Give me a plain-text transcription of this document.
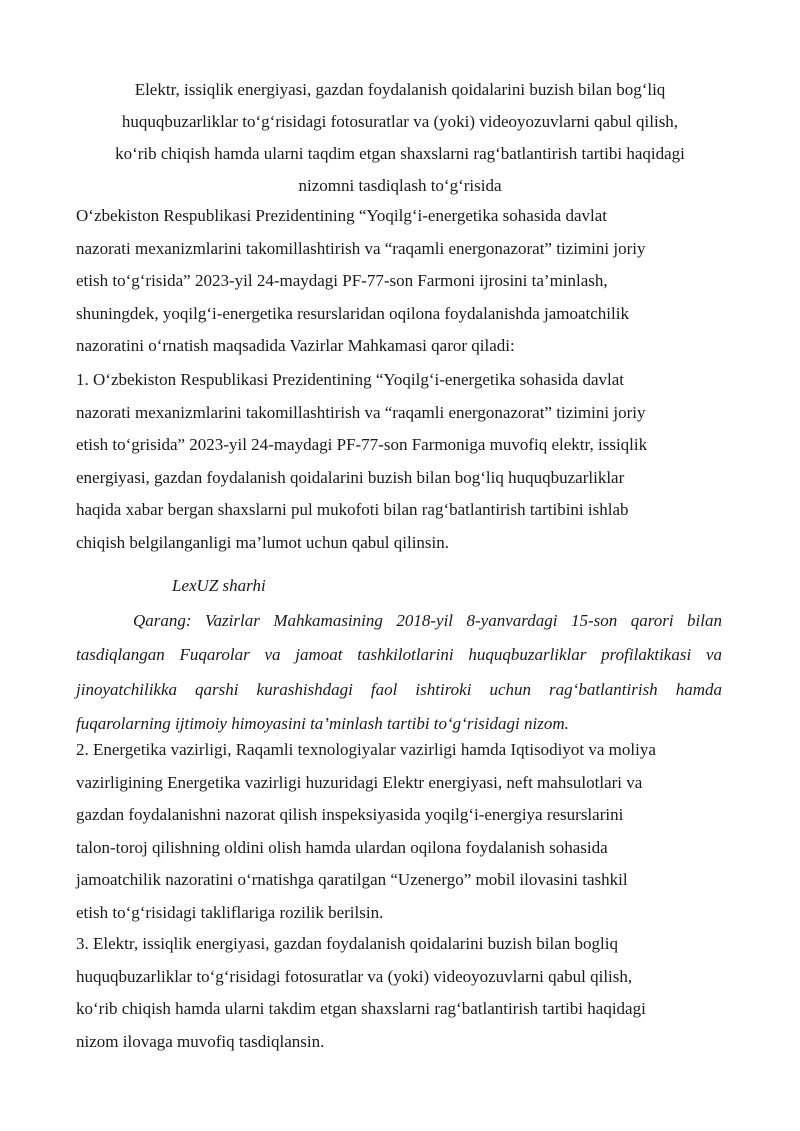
Elektr, issiqlik energiyasi, gazdan foydalanish qoidalarini buzish bilan bog‘liq
huquqbuzarliklar to‘g‘risidagi fotosuratlar va (yoki) videoyozuvlarni qabul qilish,
ko‘rib chiqish hamda ularni taqdim etgan shaxslarni rag‘batlantirish tartibi haqidagi
nizomni tasdiqlash to‘g‘risida
O‘zbekiston Respublikasi Prezidentining “Yoqilg‘i-energetika sohasida davlat
nazorati mexanizmlarini takomillashtirish va “raqamli energonazorat” tizimini joriy
etish to‘g‘risida” 2023-yil 24-maydagi PF-77-son Farmoni ijrosini ta’minlash,
shuningdek, yoqilg‘i-energetika resurslaridan oqilona foydalanishda jamoatchilik
nazoratini o‘rnatish maqsadida Vazirlar Mahkamasi qaror qiladi:
1. O‘zbekiston Respublikasi Prezidentining “Yoqilg‘i-energetika sohasida davlat
nazorati mexanizmlarini takomillashtirish va “raqamli energonazorat” tizimini joriy
etish to‘grisida” 2023-yil 24-maydagi PF-77-son Farmoniga muvofiq elektr, issiqlik
energiyasi, gazdan foydalanish qoidalarini buzish bilan bog‘liq huquqbuzarliklar
haqida xabar bergan shaxslarni pul mukofoti bilan rag‘batlantirish tartibini ishlab
chiqish belgilanganligi ma’lumot uchun qabul qilinsin.
LexUZ sharhi
Qarang: Vazirlar Mahkamasining 2018-yil 8-yanvardagi 15-son qarori bilan
tasdiqlangan Fuqarolar va jamoat tashkilotlarini huquqbuzarliklar profilaktikasi va
jinoyatchilikka qarshi kurashishdagi faol ishtiroki uchun rag‘batlantirish hamda
fuqarolarning ijtimoiy himoyasini ta’minlash tartibi to‘g‘risidagi nizom.
2. Energetika vazirligi, Raqamli texnologiyalar vazirligi hamda Iqtisodiyot va moliya
vazirligining Energetika vazirligi huzuridagi Elektr energiyasi, neft mahsulotlari va
gazdan foydalanishni nazorat qilish inspeksiyasida yoqilg‘i-energiya resurslarini
talon-toroj qilishning oldini olish hamda ulardan oqilona foydalanish sohasida
jamoatchilik nazoratini o‘rnatishga qaratilgan “Uzenergo” mobil ilovasini tashkil
etish to‘g‘risidagi takliflariga rozilik berilsin.
3. Elektr, issiqlik energiyasi, gazdan foydalanish qoidalarini buzish bilan bogliq
huquqbuzarliklar to‘g‘risidagi fotosuratlar va (yoki) videoyozuvlarni qabul qilish,
ko‘rib chiqish hamda ularni takdim etgan shaxslarni rag‘batlantirish tartibi haqidagi
nizom ilovaga muvofiq tasdiqlansin.
